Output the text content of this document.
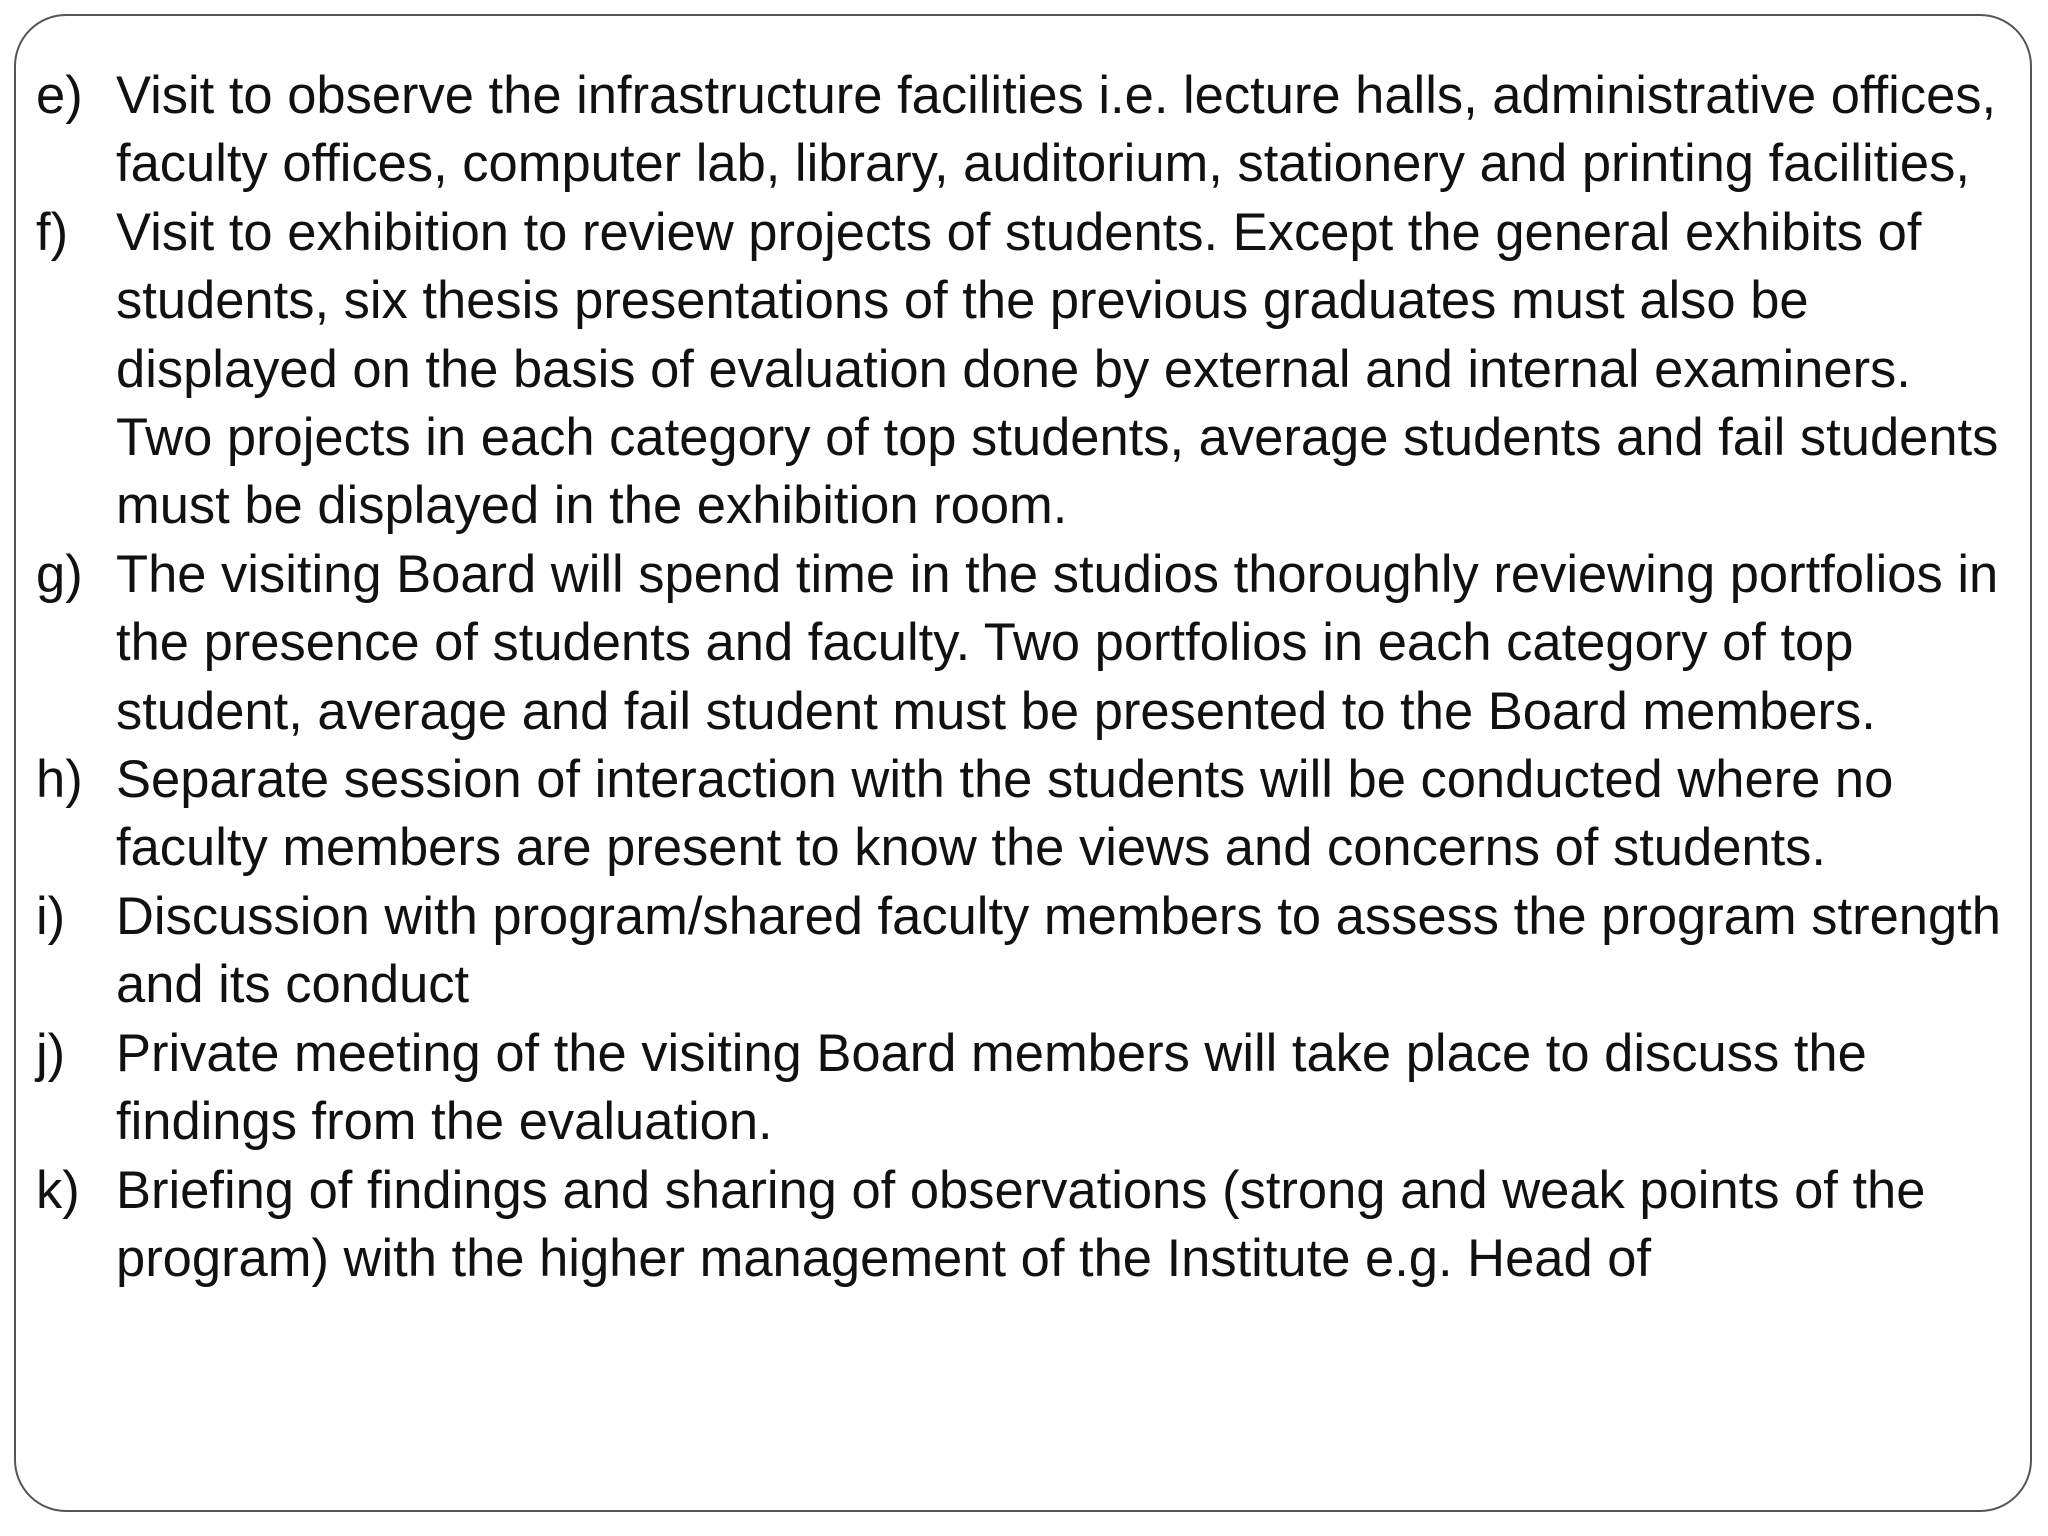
e) Visit to observe the infrastructure facilities i.e. lecture halls, administrative offices, faculty offices, computer lab, library, auditorium, stationery and printing facilities,
f) Visit to exhibition to review projects of students. Except the general exhibits of students, six thesis presentations of the previous graduates must also be displayed on the basis of evaluation done by external and internal examiners. Two projects in each category of top students, average students and fail students must be displayed in the exhibition room.
g) The visiting Board will spend time in the studios thoroughly reviewing portfolios in the presence of students and faculty. Two portfolios in each category of top student, average and fail student must be presented to the Board members.
h) Separate session of interaction with the students will be conducted where no faculty members are present to know the views and concerns of students.
i) Discussion with program/shared faculty members to assess the program strength and its conduct
j) Private meeting of the visiting Board members will take place to discuss the findings from the evaluation.
k) Briefing of findings and sharing of observations (strong and weak points of the program) with the higher management of the Institute e.g. Head of
